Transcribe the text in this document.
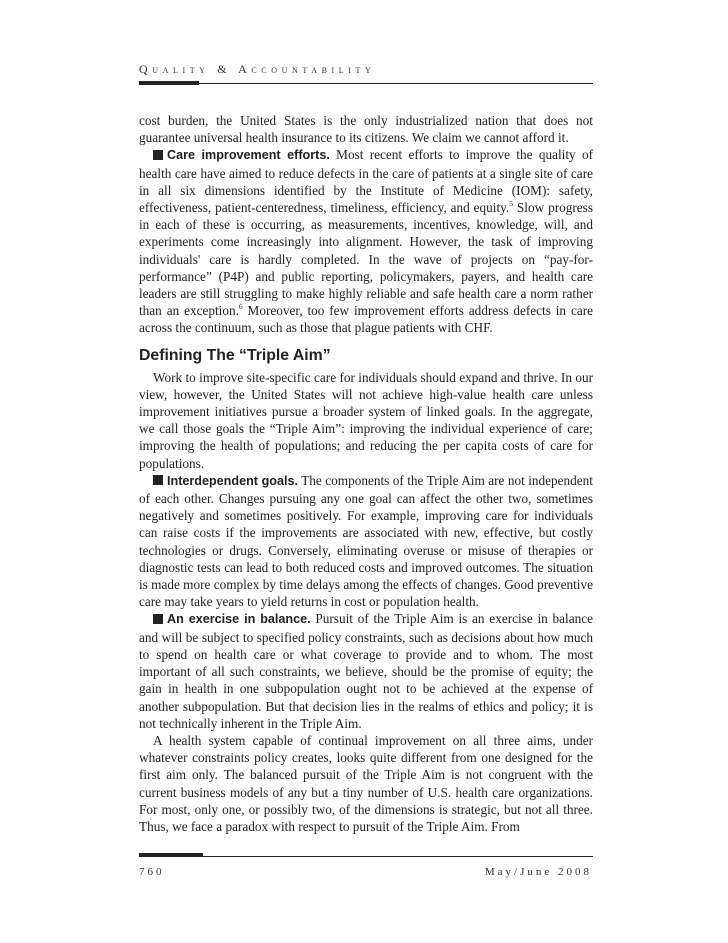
Quality & Accountability

cost burden, the United States is the only industrialized nation that does not guarantee universal health insurance to its citizens. We claim we cannot afford it.

Care improvement efforts. Most recent efforts to improve the quality of health care have aimed to reduce defects in the care of patients at a single site of care in all six dimensions identified by the Institute of Medicine (IOM): safety, effectiveness, patient-centeredness, timeliness, efficiency, and equity.$^5$ Slow progress in each of these is occurring, as measurements, incentives, knowledge, will, and experiments come increasingly into alignment. However, the task of improving individuals' care is hardly completed. In the wave of projects on “pay-for-performance” (P4P) and public reporting, policymakers, payers, and health care leaders are still struggling to make highly reliable and safe health care a norm rather than an exception.$^6$ Moreover, too few improvement efforts address defects in care across the continuum, such as those that plague patients with CHF.

Defining The “Triple Aim”

Work to improve site-specific care for individuals should expand and thrive. In our view, however, the United States will not achieve high-value health care unless improvement initiatives pursue a broader system of linked goals. In the aggregate, we call those goals the “Triple Aim”: improving the individual experience of care; improving the health of populations; and reducing the per capita costs of care for populations.

Interdependent goals. The components of the Triple Aim are not independent of each other. Changes pursuing any one goal can affect the other two, sometimes negatively and sometimes positively. For example, improving care for individuals can raise costs if the improvements are associated with new, effective, but costly technologies or drugs. Conversely, eliminating overuse or misuse of therapies or diagnostic tests can lead to both reduced costs and improved outcomes. The situation is made more complex by time delays among the effects of changes. Good preventive care may take years to yield returns in cost or population health.

An exercise in balance. Pursuit of the Triple Aim is an exercise in balance and will be subject to specified policy constraints, such as decisions about how much to spend on health care or what coverage to provide and to whom. The most important of all such constraints, we believe, should be the promise of equity; the gain in health in one subpopulation ought not to be achieved at the expense of another subpopulation. But that decision lies in the realms of ethics and policy; it is not technically inherent in the Triple Aim.

A health system capable of continual improvement on all three aims, under whatever constraints policy creates, looks quite different from one designed for the first aim only. The balanced pursuit of the Triple Aim is not congruent with the current business models of any but a tiny number of U.S. health care organizations. For most, only one, or possibly two, of the dimensions is strategic, but not all three. Thus, we face a paradox with respect to pursuit of the Triple Aim. From

760	May/June 2008
